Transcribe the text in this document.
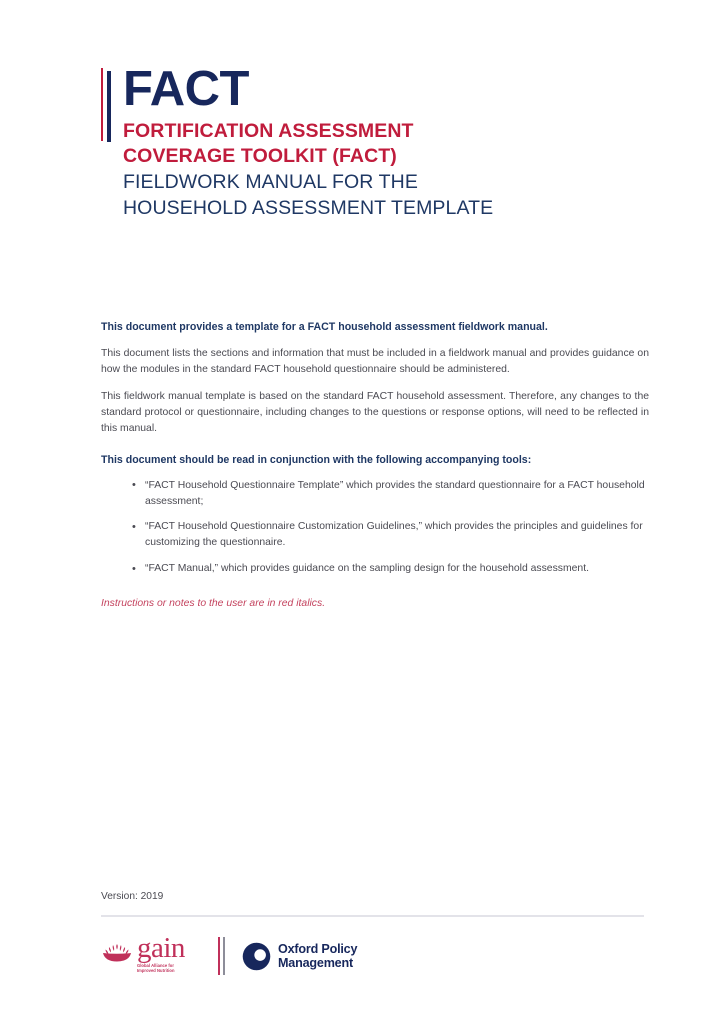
FACT
FORTIFICATION ASSESSMENT
COVERAGE TOOLKIT (FACT)
FIELDWORK MANUAL FOR THE
HOUSEHOLD ASSESSMENT TEMPLATE
This document provides a template for a FACT household assessment fieldwork manual.

This document lists the sections and information that must be included in a fieldwork manual and provides guidance on how the modules in the standard FACT household questionnaire should be administered.

This fieldwork manual template is based on the standard FACT household assessment. Therefore, any changes to the standard protocol or questionnaire, including changes to the questions or response options, will need to be reflected in this manual.

This document should be read in conjunction with the following accompanying tools:
• “FACT Household Questionnaire Template” which provides the standard questionnaire for a FACT household assessment;
• “FACT Household Questionnaire Customization Guidelines,” which provides the principles and guidelines for customizing the questionnaire.
• “FACT Manual,” which provides guidance on the sampling design for the household assessment.
Instructions or notes to the user are in red italics.
Version: 2019
gain
Global Alliance for
Improved Nutrition
Oxford Policy
Management
